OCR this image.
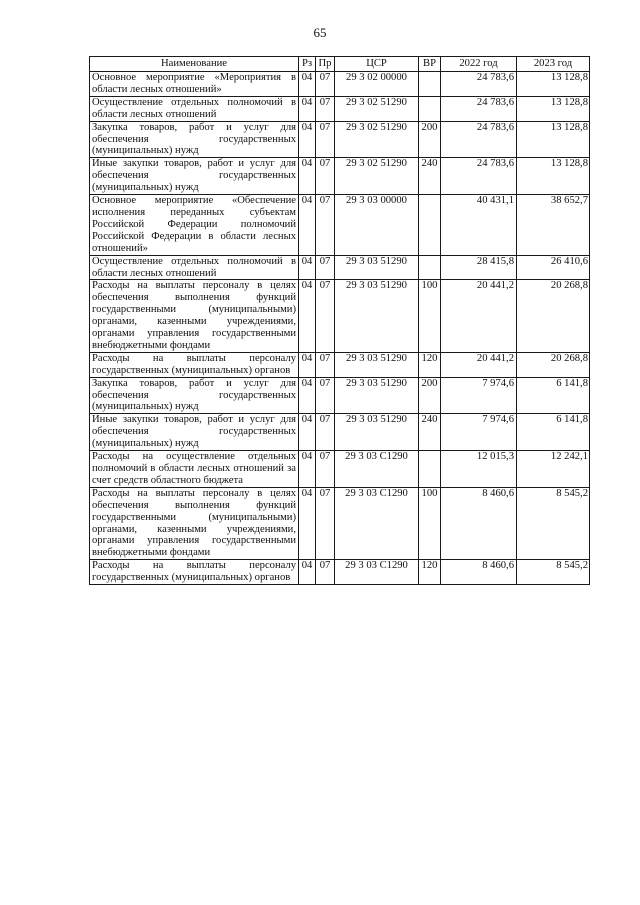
65
Наименование	Рз	Пр	ЦСР	ВР	2022 год	2023 год
Основное мероприятие «Мероприятия в области лесных отношений»	04	07	29 3 02 00000		24 783,6	13 128,8
Осуществление отдельных полномочий в области лесных отношений	04	07	29 3 02 51290		24 783,6	13 128,8
Закупка товаров, работ и услуг для обеспечения государственных (муниципальных) нужд	04	07	29 3 02 51290	200	24 783,6	13 128,8
Иные закупки товаров, работ и услуг для обеспечения государственных (муниципальных) нужд	04	07	29 3 02 51290	240	24 783,6	13 128,8
Основное мероприятие «Обеспечение исполнения переданных субъектам Российской Федерации полномочий Российской Федерации в области лесных отношений»	04	07	29 3 03 00000		40 431,1	38 652,7
Осуществление отдельных полномочий в области лесных отношений	04	07	29 3 03 51290		28 415,8	26 410,6
Расходы на выплаты персоналу в целях обеспечения выполнения функций государственными (муниципальными) органами, казенными учреждениями, органами управления государственными внебюджетными фондами	04	07	29 3 03 51290	100	20 441,2	20 268,8
Расходы на выплаты персоналу государственных (муниципальных) органов	04	07	29 3 03 51290	120	20 441,2	20 268,8
Закупка товаров, работ и услуг для обеспечения государственных (муниципальных) нужд	04	07	29 3 03 51290	200	7 974,6	6 141,8
Иные закупки товаров, работ и услуг для обеспечения государственных (муниципальных) нужд	04	07	29 3 03 51290	240	7 974,6	6 141,8
Расходы на осуществление отдельных полномочий в области лесных отношений за счет средств областного бюджета	04	07	29 3 03 С1290		12 015,3	12 242,1
Расходы на выплаты персоналу в целях обеспечения выполнения функций государственными (муниципальными) органами, казенными учреждениями, органами управления государственными внебюджетными фондами	04	07	29 3 03 С1290	100	8 460,6	8 545,2
Расходы на выплаты персоналу государственных (муниципальных) органов	04	07	29 3 03 С1290	120	8 460,6	8 545,2
